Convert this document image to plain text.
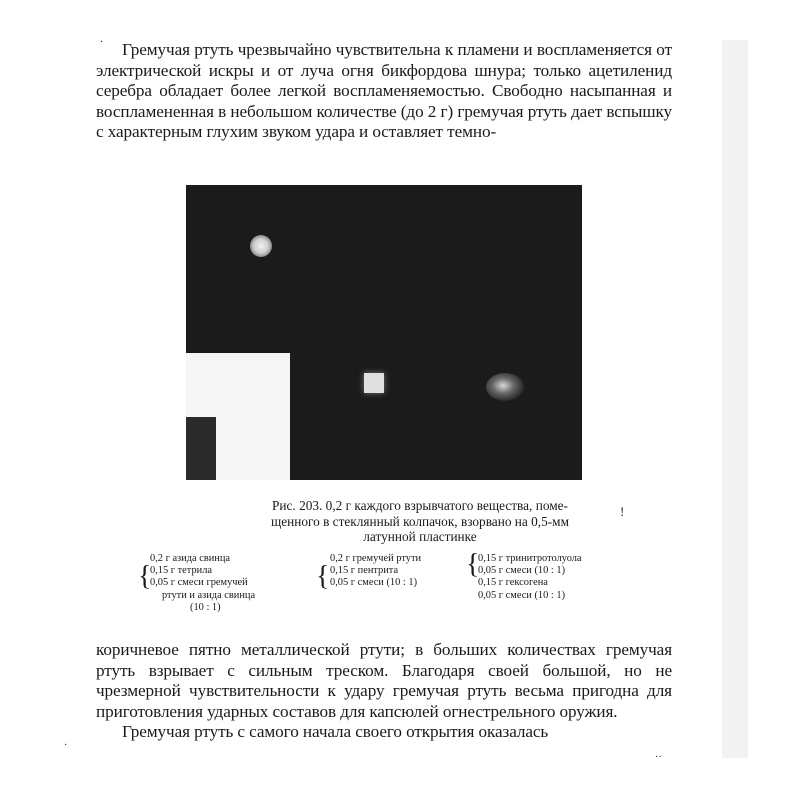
·	Гремучая ртуть чрезвычайно чувствительна к пламени и воспламеняется от электрической искры и от луча огня бикфордова шнура; только ацетиленид серебра обладает более легкой воспламеняемостью. Свободно насыпанная и воспламененная в небольшом количестве (до 2 г) гремучая ртуть дает вспышку с характерным глухим звуком удара и оставляет темно-
Рис. 203. 0,2 г каждого взрывчатого вещества, поме-
щенного в стеклянный колпачок, взорвано на 0,5-мм
латунной пластинке
!
{
0,2 г азида свинца
0,15 г тетрила
0,05 г смеси гремучей
ртути и азида свинца
(10 : 1)
{
0,2 г гремучей ртути
0,15 г пентрита
0,05 г смеси (10 : 1)
{
0,15 г тринитротолуола
0,05 г смеси (10 : 1)
0,15 г гексогена
0,05 г смеси (10 : 1)
коричневое пятно металлической ртути; в больших количествах гремучая ртуть взрывает с сильным треском. Благодаря своей большой, но не чрезмерной чувствительности к удару гремучая ртуть весьма пригодна для приготовления ударных составов для капсюлей огнестрельного оружия.
Гремучая ртуть с самого начала своего открытия оказалась
·
··
